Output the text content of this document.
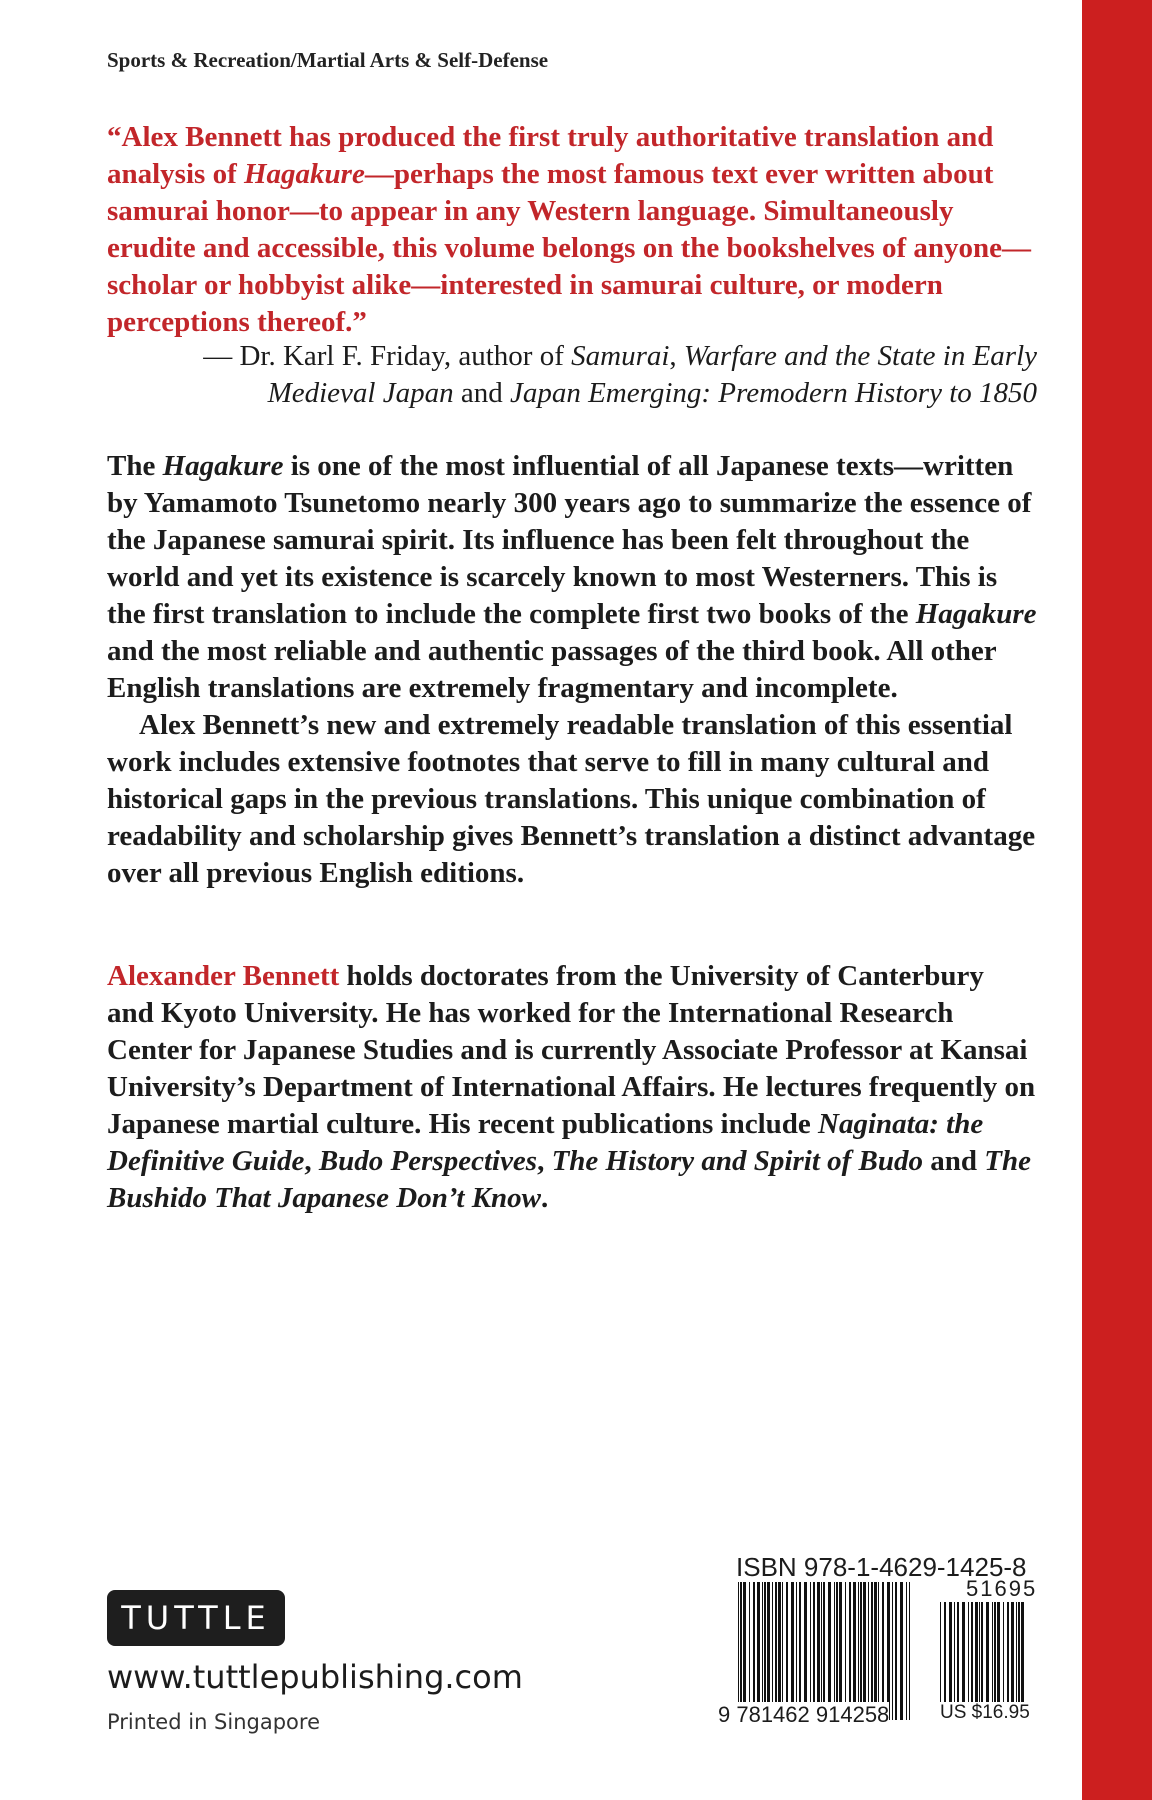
Sports & Recreation/Martial Arts & Self-Defense
“Alex Bennett has produced the first truly authoritative translation and analysis of Hagakure—perhaps the most famous text ever written about samurai honor—to appear in any Western language. Simultaneously erudite and accessible, this volume belongs on the bookshelves of anyone—scholar or hobbyist alike—interested in samurai culture, or modern perceptions thereof.”
— Dr. Karl F. Friday, author of Samurai, Warfare and the State in Early
Medieval Japan and Japan Emerging: Premodern History to 1850

The Hagakure is one of the most influential of all Japanese texts—written by Yamamoto Tsunetomo nearly 300 years ago to summarize the essence of the Japanese samurai spirit. Its influence has been felt throughout the world and yet its existence is scarcely known to most Westerners. This is the first translation to include the complete first two books of the Hagakure and the most reliable and authentic passages of the third book. All other English translations are extremely fragmentary and incomplete.

Alex Bennett’s new and extremely readable translation of this essential work includes extensive footnotes that serve to fill in many cultural and historical gaps in the previous translations. This unique combination of readability and scholarship gives Bennett’s translation a distinct advantage over all previous English editions.

Alexander Bennett holds doctorates from the University of Canterbury and Kyoto University. He has worked for the International Research Center for Japanese Studies and is currently Associate Professor at Kansai University’s Department of International Affairs. He lectures frequently on Japanese martial culture. His recent publications include Naginata: the Definitive Guide, Budo Perspectives, The History and Spirit of Budo and The Bushido That Japanese Don’t Know.
TUTTLE
www.tuttlepublishing.com
Printed in Singapore
ISBN 978-1-4629-1425-8
51695
9 781462 914258	US $16.95
